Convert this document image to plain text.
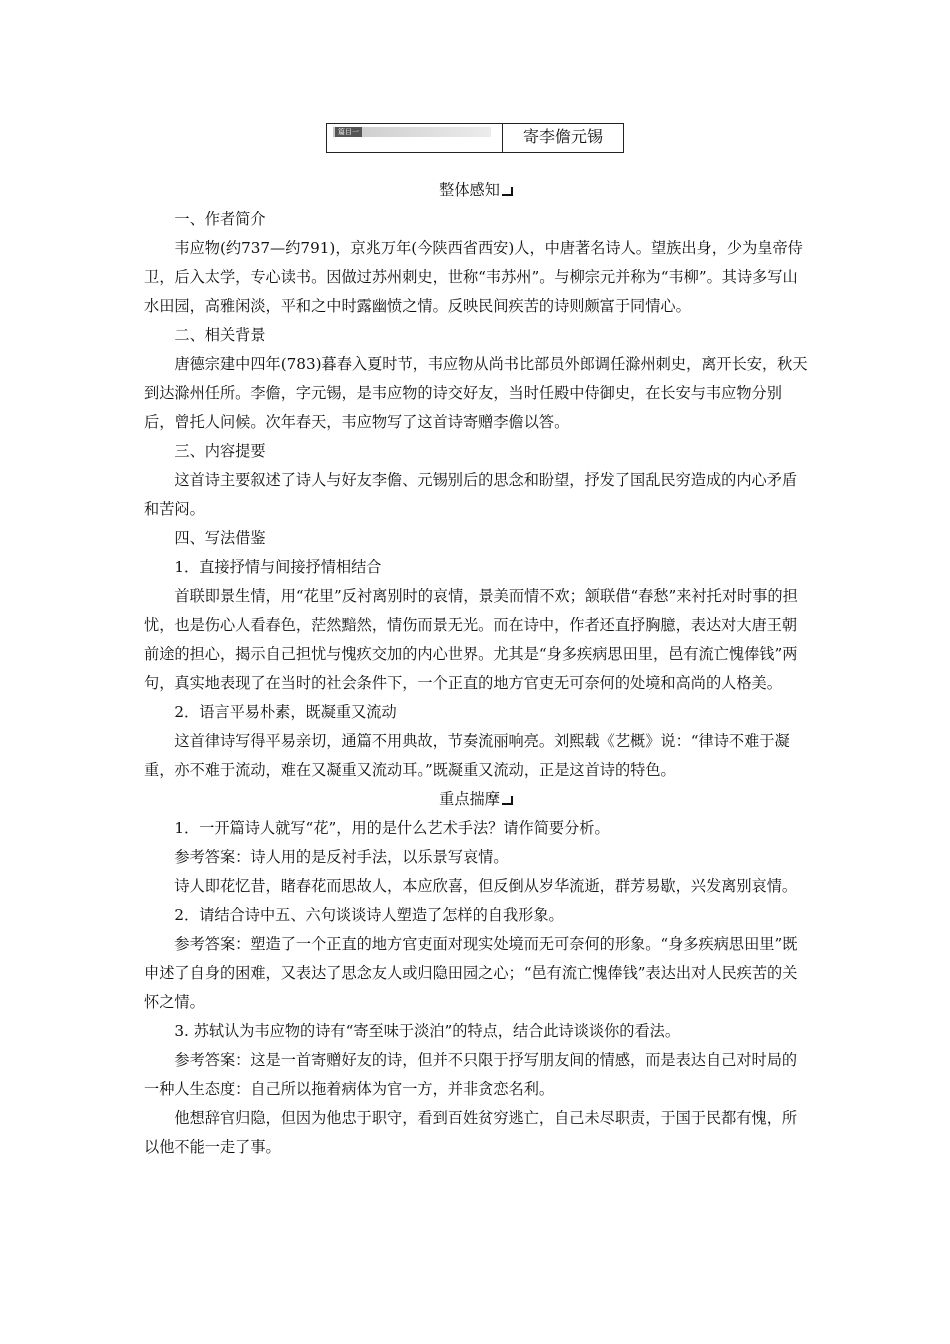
篇目一	寄李儋元锡

整体感知

一、作者简介

韦应物(约737—约791)，京兆万年(今陕西省西安)人，中唐著名诗人。望族出身，少为皇帝侍卫，后入太学，专心读书。因做过苏州刺史，世称“韦苏州”。与柳宗元并称为“韦柳”。其诗多写山水田园，高雅闲淡，平和之中时露幽愤之情。反映民间疾苦的诗则颇富于同情心。

二、相关背景

唐德宗建中四年(783)暮春入夏时节，韦应物从尚书比部员外郎调任滁州刺史，离开长安，秋天到达滁州任所。李儋，字元锡，是韦应物的诗交好友，当时任殿中侍御史，在长安与韦应物分别后，曾托人问候。次年春天，韦应物写了这首诗寄赠李儋以答。

三、内容提要

这首诗主要叙述了诗人与好友李儋、元锡别后的思念和盼望，抒发了国乱民穷造成的内心矛盾和苦闷。

四、写法借鉴

1．直接抒情与间接抒情相结合

首联即景生情，用“花里”反衬离别时的哀情，景美而情不欢；颔联借“春愁”来衬托对时事的担忧，也是伤心人看春色，茫然黯然，情伤而景无光。而在诗中，作者还直抒胸臆，表达对大唐王朝前途的担心，揭示自己担忧与愧疚交加的内心世界。尤其是“身多疾病思田里，邑有流亡愧俸钱”两句，真实地表现了在当时的社会条件下，一个正直的地方官吏无可奈何的处境和高尚的人格美。

2．语言平易朴素，既凝重又流动

这首律诗写得平易亲切，通篇不用典故，节奏流丽响亮。刘熙载《艺概》说：“律诗不难于凝重，亦不难于流动，难在又凝重又流动耳。”既凝重又流动，正是这首诗的特色。

重点揣摩

1．一开篇诗人就写“花”，用的是什么艺术手法？请作简要分析。

参考答案：诗人用的是反衬手法，以乐景写哀情。

诗人即花忆昔，睹春花而思故人，本应欣喜，但反倒从岁华流逝，群芳易歇，兴发离别哀情。

2．请结合诗中五、六句谈谈诗人塑造了怎样的自我形象。

参考答案：塑造了一个正直的地方官吏面对现实处境而无可奈何的形象。“身多疾病思田里”既申述了自身的困难，又表达了思念友人或归隐田园之心；“邑有流亡愧俸钱”表达出对人民疾苦的关怀之情。

3. 苏轼认为韦应物的诗有“寄至味于淡泊”的特点，结合此诗谈谈你的看法。

参考答案：这是一首寄赠好友的诗，但并不只限于抒写朋友间的情感，而是表达自己对时局的一种人生态度：自己所以拖着病体为官一方，并非贪恋名利。

他想辞官归隐，但因为他忠于职守，看到百姓贫穷逃亡，自己未尽职责，于国于民都有愧，所以他不能一走了事。
